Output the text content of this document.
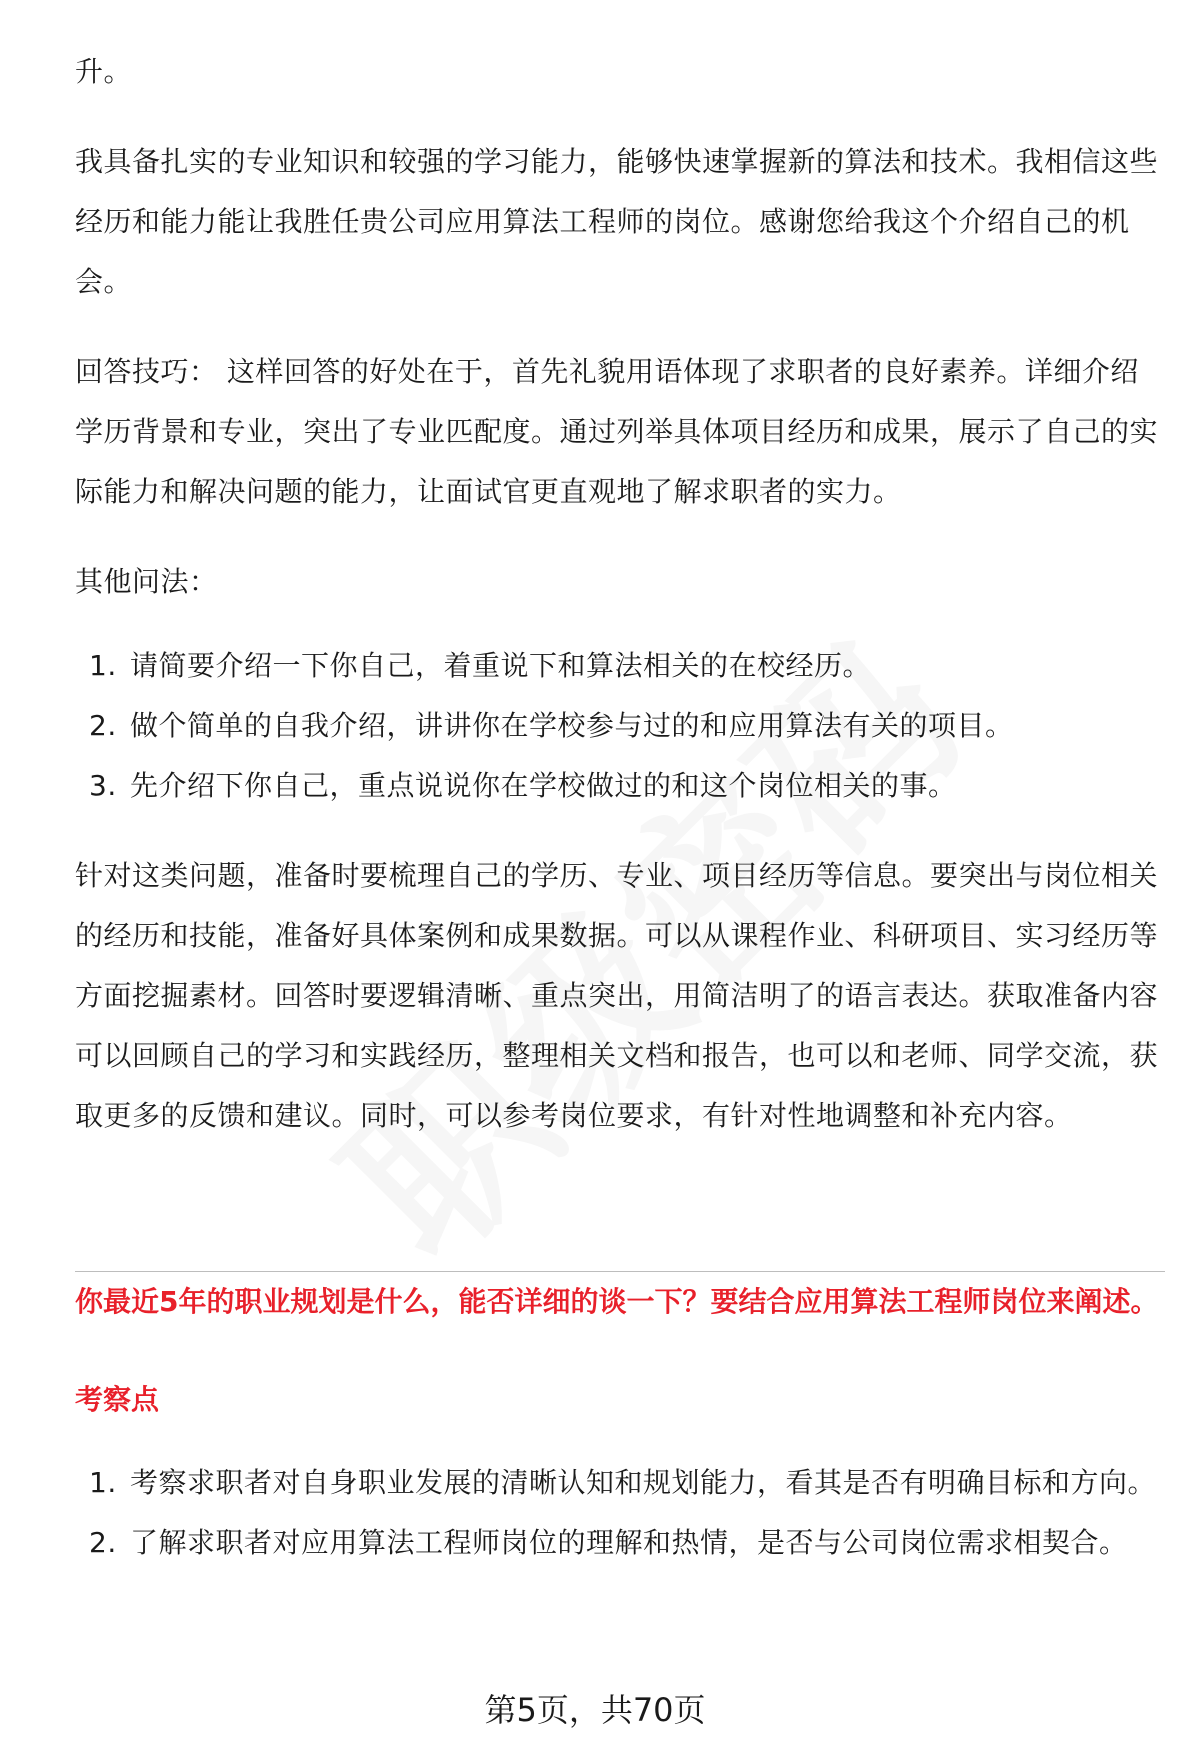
升。

我具备扎实的专业知识和较强的学习能力，能够快速掌握新的算法和技术。我相信这些经历和能力能让我胜任贵公司应用算法工程师的岗位。感谢您给我这个介绍自己的机会。

回答技巧： 这样回答的好处在于，首先礼貌用语体现了求职者的良好素养。详细介绍学历背景和专业，突出了专业匹配度。通过列举具体项目经历和成果，展示了自己的实际能力和解决问题的能力，让面试官更直观地了解求职者的实力。

其他问法：

1. 请简要介绍一下你自己，着重说下和算法相关的在校经历。
2. 做个简单的自我介绍，讲讲你在学校参与过的和应用算法有关的项目。
3. 先介绍下你自己，重点说说你在学校做过的和这个岗位相关的事。

针对这类问题，准备时要梳理自己的学历、专业、项目经历等信息。要突出与岗位相关的经历和技能，准备好具体案例和成果数据。可以从课程作业、科研项目、实习经历等方面挖掘素材。回答时要逻辑清晰、重点突出，用简洁明了的语言表达。获取准备内容可以回顾自己的学习和实践经历，整理相关文档和报告，也可以和老师、同学交流，获取更多的反馈和建议。同时，可以参考岗位要求，有针对性地调整和补充内容。

你最近5年的职业规划是什么，能否详细的谈一下？要结合应用算法工程师岗位来阐述。

考察点

1. 考察求职者对自身职业发展的清晰认知和规划能力，看其是否有明确目标和方向。
2. 了解求职者对应用算法工程师岗位的理解和热情，是否与公司岗位需求相契合。
第5页，共70页
